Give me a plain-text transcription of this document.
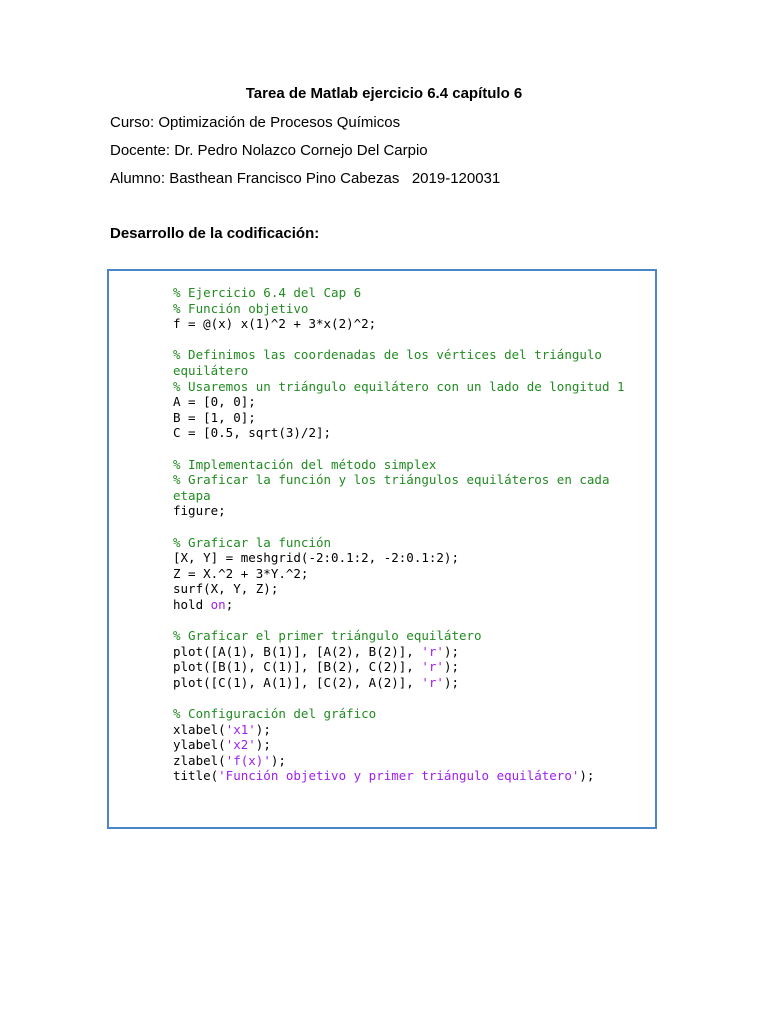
Tarea de Matlab ejercicio 6.4 capítulo 6
Curso: Optimización de Procesos Químicos
Docente: Dr. Pedro Nolazco Cornejo Del Carpio
Alumno: Basthean Francisco Pino Cabezas   2019-120031
Desarrollo de la codificación:
% Ejercicio 6.4 del Cap 6
% Función objetivo
f = @(x) x(1)^2 + 3*x(2)^2;

% Definimos las coordenadas de los vértices del triángulo
equilátero
% Usaremos un triángulo equilátero con un lado de longitud 1
A = [0, 0];
B = [1, 0];
C = [0.5, sqrt(3)/2];

% Implementación del método simplex
% Graficar la función y los triángulos equiláteros en cada
etapa
figure;

% Graficar la función
[X, Y] = meshgrid(-2:0.1:2, -2:0.1:2);
Z = X.^2 + 3*Y.^2;
surf(X, Y, Z);
hold on;

% Graficar el primer triángulo equilátero
plot([A(1), B(1)], [A(2), B(2)], 'r');
plot([B(1), C(1)], [B(2), C(2)], 'r');
plot([C(1), A(1)], [C(2), A(2)], 'r');

% Configuración del gráfico
xlabel('x1');
ylabel('x2');
zlabel('f(x)');
title('Función objetivo y primer triángulo equilátero');
